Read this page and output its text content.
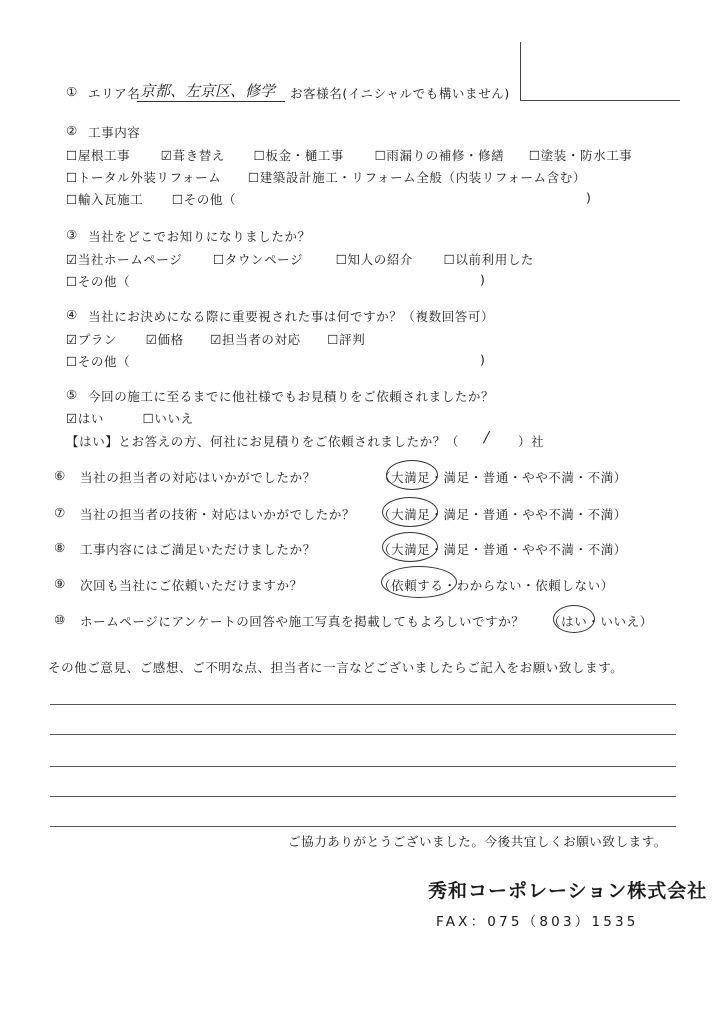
① エリア名 京都、左京区、修学 お客様名(イニシャルでも構いません)
② 工事内容
☐屋根工事 ☑葺き替え ☐板金・樋工事 ☐雨漏りの補修・修繕 ☐塗装・防水工事
☐トータル外装リフォーム ☐建築設計施工・リフォーム全般（内装リフォーム含む）
☐輸入瓦施工 ☐その他（	)
③ 当社をどこでお知りになりましたか？
☑当社ホームページ ☐タウンページ	☐知人の紹介 ☐以前利用した
☐その他（	)
④ 当社にお決めになる際に重要視された事は何ですか？（複数回答可）
☑プラン ☑価格 ☑担当者の対応 ☐評判
☐その他（	)
⑤ 今回の施工に至るまでに他社様でもお見積りをご依頼されましたか？
☑はい	☐いいえ
【はい】とお答えの方、何社にお見積りをご依頼されましたか？（ / ）社
⑥ 当社の担当者の対応はいかがでしたか？	（大満足・満足・普通・やや不満・不満）
⑦ 当社の担当者の技術・対応はいかがでしたか？ （大満足・満足・普通・やや不満・不満）
⑧ 工事内容にはご満足いただけましたか？	（大満足・満足・普通・やや不満・不満）
⑨ 次回も当社にご依頼いただけますか？	（依頼する・わからない・依頼しない）
⑩ ホームページにアンケートの回答や施工写真を掲載してもよろしいですか？ （はい・いいえ）
その他ご意見、ご感想、ご不明な点、担当者に一言などございましたらご記入をお願い致します。
ご協力ありがとうございました。今後共宜しくお願い致します。
秀和コーポレーション株式会社
FAX：075（803）1535
